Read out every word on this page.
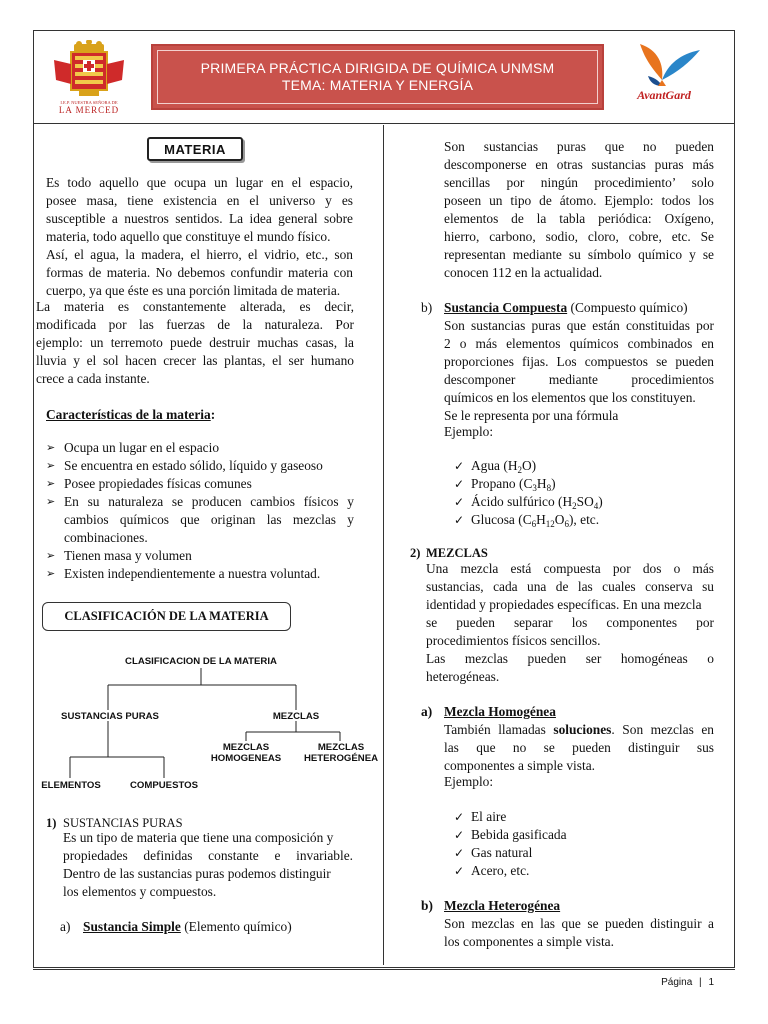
I.E.P. NUESTRA SEÑORA DE
LA MERCED
PRIMERA PRÁCTICA DIRIGIDA DE QUÍMICA UNMSM
TEMA: MATERIA Y ENERGÍA
AvantGard
MATERIA
Es todo aquello que ocupa un lugar en el espacio,
posee masa, tiene existencia en el universo y es
susceptible a nuestros sentidos. La idea general sobre
materia, todo aquello que constituye el mundo físico.
Así, el agua, la madera, el hierro, el vidrio, etc., son
formas de materia. No debemos confundir materia con
cuerpo, ya que éste es una porción limitada de materia.
La materia es constantemente alterada, es decir,
modificada por las fuerzas de la naturaleza. Por
ejemplo: un terremoto puede destruir muchas casas, la
lluvia y el sol hacen crecer las plantas, el ser humano
crece a cada instante.
Características de la materia:
➢ Ocupa un lugar en el espacio
➢ Se encuentra en estado sólido, líquido y gaseoso
➢ Posee propiedades físicas comunes
➢ En su naturaleza se producen cambios físicos y cambios químicos que originan las mezclas y combinaciones.
➢ Tienen masa y volumen
➢ Existen independientemente a nuestra voluntad.
CLASIFICACIÓN DE LA MATERIA
CLASIFICACION DE LA MATERIA
SUSTANCIAS PURAS	MEZCLAS
MEZCLAS
HOMOGENEAS
MEZCLAS
HETEROGÉNEA
ELEMENTOS	COMPUESTOS
1) SUSTANCIAS PURAS
Es un tipo de materia que tiene una composición y
propiedades definidas constante e invariable.
Dentro de las sustancias puras podemos distinguir
los elementos y compuestos.
a) Sustancia Simple (Elemento químico)
Son sustancias puras que no pueden
descomponerse en otras sustancias puras más
sencillas por ningún procedimiento’ solo
poseen un tipo de átomo. Ejemplo: todos los
elementos de la tabla periódica: Oxígeno,
hierro, carbono, sodio, cloro, cobre, etc. Se
representan mediante su símbolo químico y se
conocen 112 en la actualidad.
b) Sustancia Compuesta (Compuesto químico)
Son sustancias puras que están constituidas por
2 o más elementos químicos combinados en
proporciones fijas. Los compuestos se pueden
descomponer mediante procedimientos
químicos en los elementos que los constituyen.
Se le representa por una fórmula
Ejemplo:
✓ Agua $(H_2O)$
✓ Propano $(C_3H_8)$
✓ Ácido sulfúrico $(H_2SO_4)$
✓ Glucosa $(C_6H_{12}O_6)$, etc.
2) MEZCLAS
Una mezcla está compuesta por dos o más
sustancias, cada una de las cuales conserva su
identidad y propiedades específicas. En una mezcla
se pueden separar los componentes por
procedimientos físicos sencillos.
Las mezclas pueden ser homogéneas o
heterogéneas.
a) Mezcla Homogénea
También llamadas soluciones. Son mezclas en
las que no se pueden distinguir sus
componentes a simple vista.
Ejemplo:
✓ El aire
✓ Bebida gasificada
✓ Gas natural
✓ Acero, etc.
b) Mezcla Heterogénea
Son mezclas en las que se pueden distinguir a
los componentes a simple vista.
Página | 1
